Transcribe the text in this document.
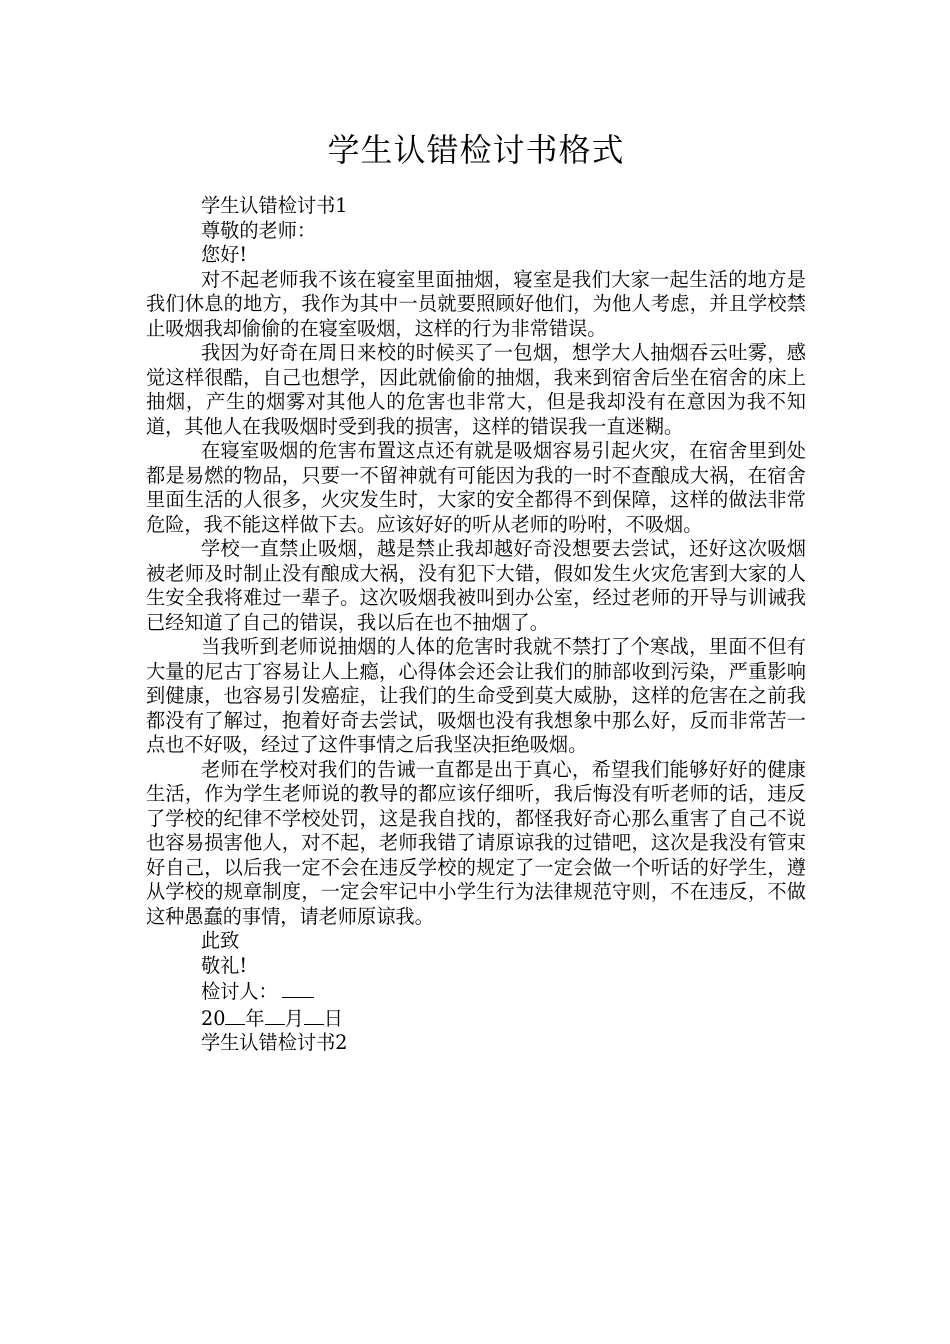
学生认错检讨书格式

学生认错检讨书1

尊敬的老师：

您好!

对不起老师我不该在寝室里面抽烟，寝室是我们大家一起生活的地方是我们休息的地方，我作为其中一员就要照顾好他们，为他人考虑，并且学校禁止吸烟我却偷偷的在寝室吸烟，这样的行为非常错误。

我因为好奇在周日来校的时候买了一包烟，想学大人抽烟吞云吐雾，感觉这样很酷，自己也想学，因此就偷偷的抽烟，我来到宿舍后坐在宿舍的床上抽烟，产生的烟雾对其他人的危害也非常大，但是我却没有在意因为我不知道，其他人在我吸烟时受到我的损害，这样的错误我一直迷糊。

在寝室吸烟的危害布置这点还有就是吸烟容易引起火灾，在宿舍里到处都是易燃的物品，只要一不留神就有可能因为我的一时不查酿成大祸，在宿舍里面生活的人很多，火灾发生时，大家的安全都得不到保障，这样的做法非常危险，我不能这样做下去。应该好好的听从老师的吩咐，不吸烟。

学校一直禁止吸烟，越是禁止我却越好奇没想要去尝试，还好这次吸烟被老师及时制止没有酿成大祸，没有犯下大错，假如发生火灾危害到大家的人生安全我将难过一辈子。这次吸烟我被叫到办公室，经过老师的开导与训诫我已经知道了自己的错误，我以后在也不抽烟了。

当我听到老师说抽烟的人体的危害时我就不禁打了个寒战，里面不但有大量的尼古丁容易让人上瘾，心得体会还会让我们的肺部收到污染，严重影响到健康，也容易引发癌症，让我们的生命受到莫大威胁，这样的危害在之前我都没有了解过，抱着好奇去尝试，吸烟也没有我想象中那么好，反而非常苦一点也不好吸，经过了这件事情之后我坚决拒绝吸烟。

老师在学校对我们的告诫一直都是出于真心，希望我们能够好好的健康生活，作为学生老师说的教导的都应该仔细听，我后悔没有听老师的话，违反了学校的纪律不学校处罚，这是我自找的，都怪我好奇心那么重害了自己不说也容易损害他人，对不起，老师我错了请原谅我的过错吧，这次是我没有管束好自己，以后我一定不会在违反学校的规定了一定会做一个听话的好学生，遵从学校的规章制度，一定会牢记中小学生行为法律规范守则，不在违反，不做这种愚蠢的事情，请老师原谅我。

此致

敬礼!

检讨人：

20 年 月 日

学生认错检讨书2
